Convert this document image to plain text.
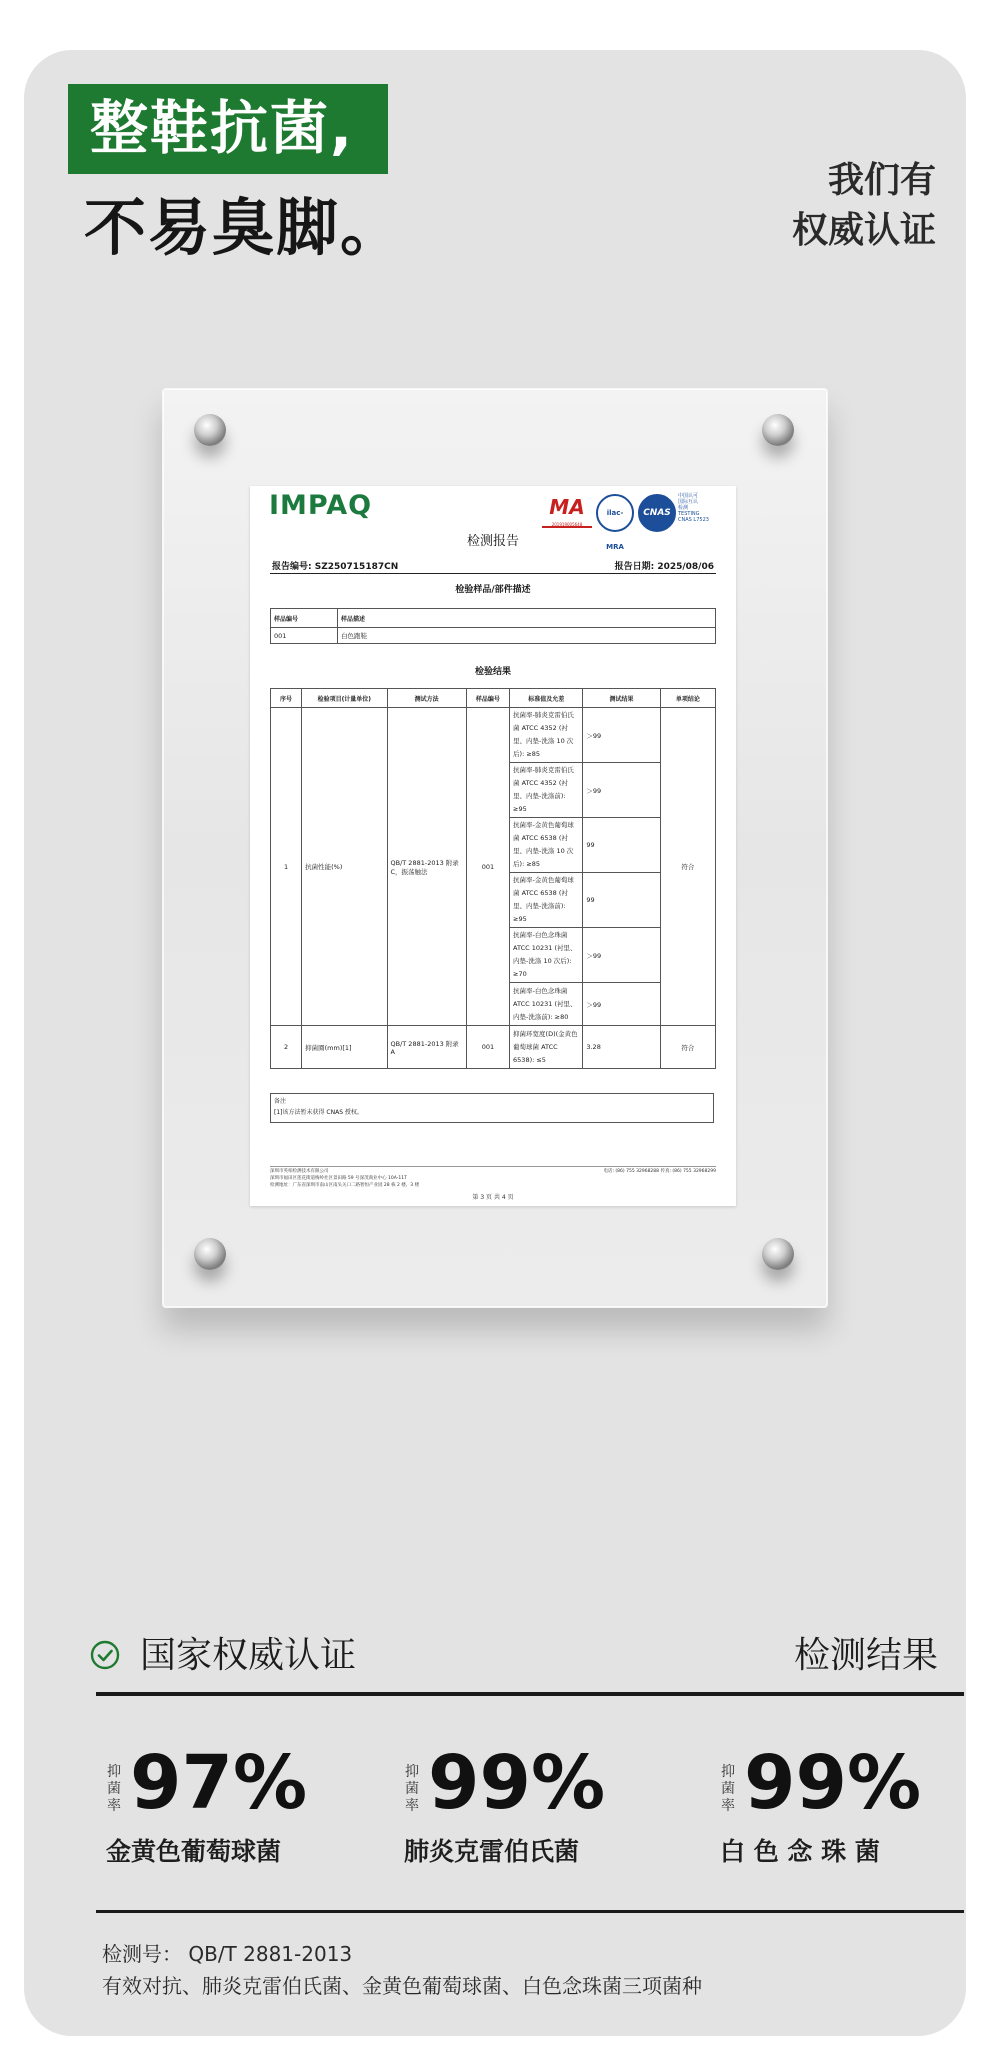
整鞋抗菌,
不易臭脚。
我们有
权威认证
IMPAQ	MA
201919005648
ilac-MRA
CNAS
中国认可
国际互认
检测
TESTING
CNAS L7523
检测报告
报告编号: SZ250715187CN	报告日期: 2025/08/06
检验样品/部件描述
样品编号	样品描述
001	白色跑鞋
检验结果
序号	检验项目(计量单位)	测试方法	样品编号	标准值及允差	测试结果	单项结论
1	抗菌性能(%)	QB/T 2881-2013 附录C，振荡触法	001	抗菌率-肺炎克雷伯氏菌 ATCC 4352 (衬里、内垫-洗涤 10 次后): ≥85	＞99	符合
				抗菌率-肺炎克雷伯氏菌 ATCC 4352 (衬里、内垫-洗涤前): ≥95	＞99	
				抗菌率-金黄色葡萄球菌 ATCC 6538 (衬里、内垫-洗涤 10 次后): ≥85	99	
				抗菌率-金黄色葡萄球菌 ATCC 6538 (衬里、内垫-洗涤前): ≥95	99	
				抗菌率-白色念珠菌 ATCC 10231 (衬里、内垫-洗涤 10 次后): ≥70	＞99	
				抗菌率-白色念珠菌 ATCC 10231 (衬里、内垫-洗涤前): ≥80	＞99	
2	抑菌圈(mm)[1]	QB/T 2881-2013 附录A	001	抑菌环宽度(D)(金黄色葡萄球菌 ATCC 6538): ≤5	3.28	符合
备注
[1]该方法暂未获得 CNAS 授权。
深圳市英柏检测技术有限公司
深圳市福田区莲花街道梅岭社区景田路 59 号深茂商业中心 10A-11T
检测地址：广东省深圳市南山区南头关口二路智恒产业园 28 栋 2 楼、3 楼
电话: (86) 755 32968288 传真: (86) 755 32968299
第 3 页 共 4 页
国家权威认证	检测结果
抑菌率 97%
金黄色葡萄球菌
抑菌率 99%
肺炎克雷伯氏菌
抑菌率 99%
白 色 念 珠 菌
检测号： QB/T 2881-2013
有效对抗、肺炎克雷伯氏菌、金黄色葡萄球菌、白色念珠菌三项菌种
